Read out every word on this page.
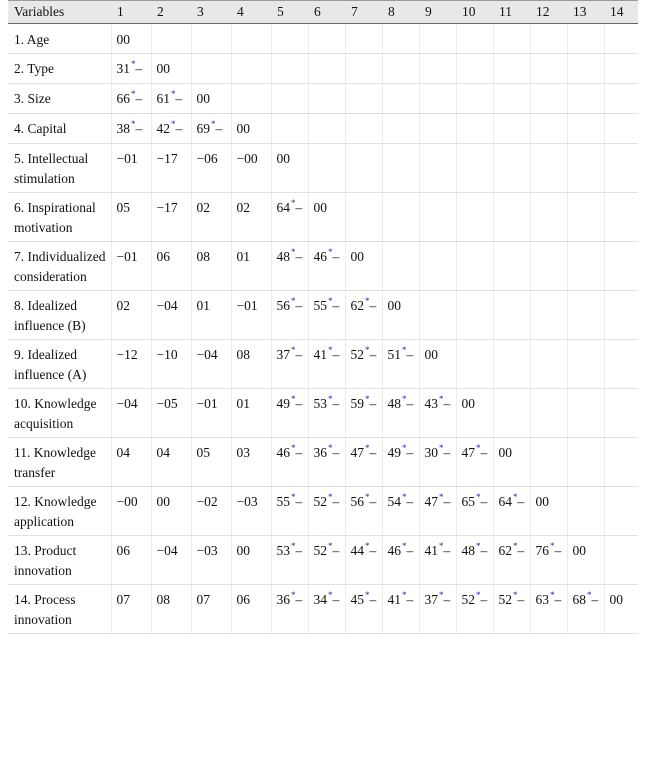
Variables	1	2	3	4	5	6	7	8	9	10	11	12	13	14
1. Age	00													
2. Type	31*–	00												
3. Size	66*–	61*–	00											
4. Capital	38*–	42*–	69*–	00										
5. Intellectual stimulation	−01	−17	−06	−00	00									
6. Inspirational motivation	05	−17	02	02	64*–	00								
7. Individualized consideration	−01	06	08	01	48*–	46*–	00							
8. Idealized influence (B)	02	−04	01	−01	56*–	55*–	62*–	00						
9. Idealized influence (A)	−12	−10	−04	08	37*–	41*–	52*–	51*–	00					
10. Knowledge acquisition	−04	−05	−01	01	49*–	53*–	59*–	48*–	43*–	00				
11. Knowledge transfer	04	04	05	03	46*–	36*–	47*–	49*–	30*–	47*–	00			
12. Knowledge application	−00	00	−02	−03	55*–	52*–	56*–	54*–	47*–	65*–	64*–	00		
13. Product innovation	06	−04	−03	00	53*–	52*–	44*–	46*–	41*–	48*–	62*–	76*–	00	
14. Process innovation	07	08	07	06	36*–	34*–	45*–	41*–	37*–	52*–	52*–	63*–	68*–	00
